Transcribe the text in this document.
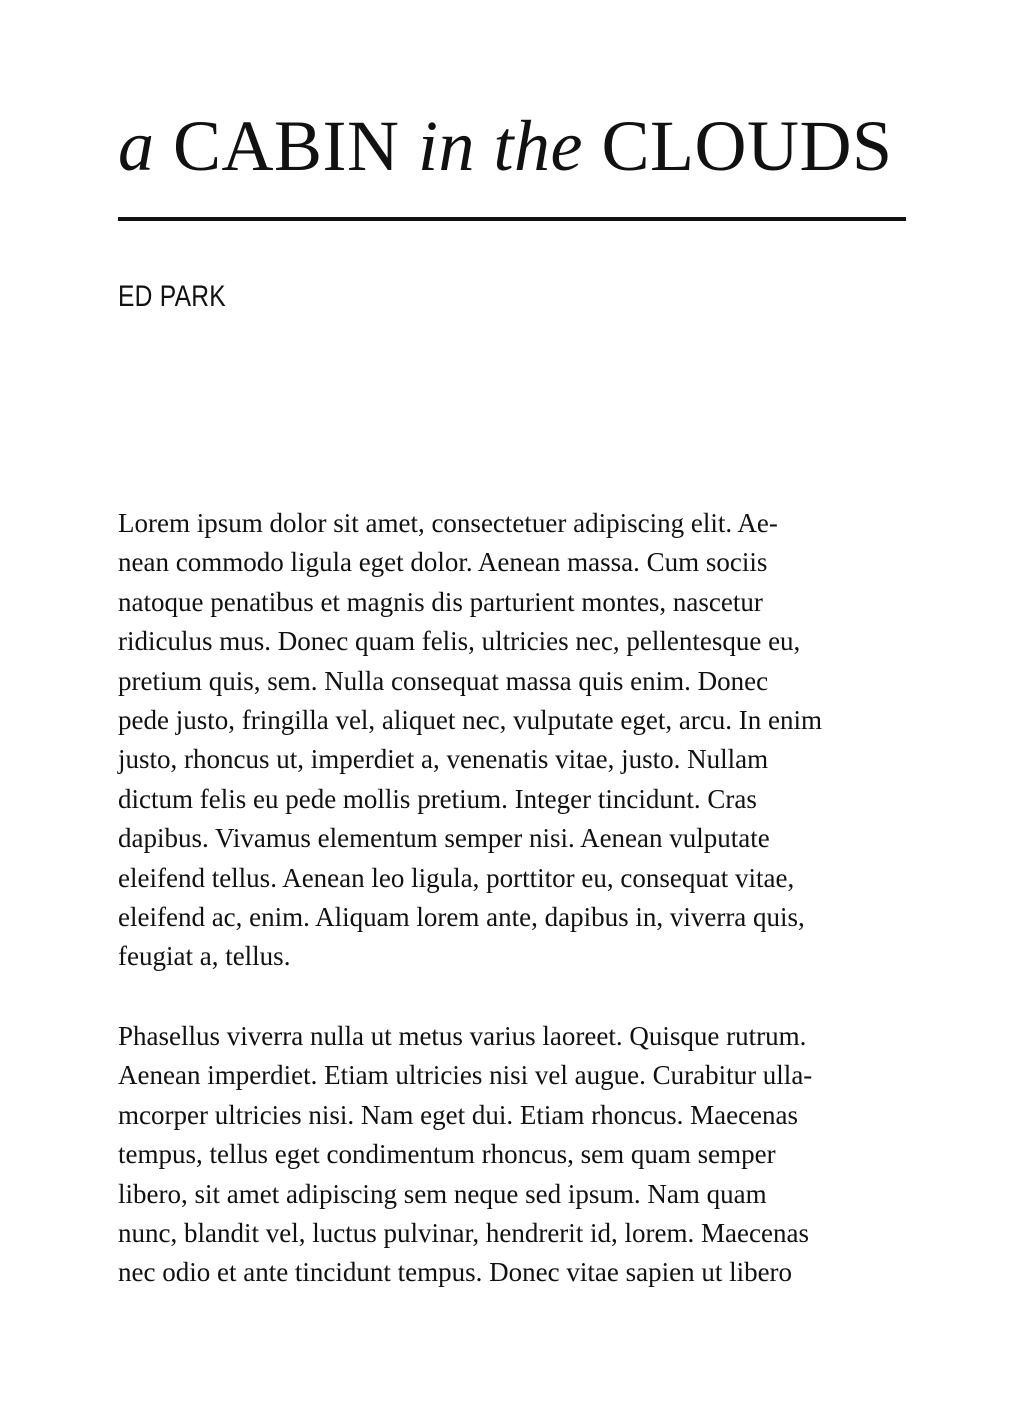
a CABIN in the CLOUDS
ED PARK

Lorem ipsum dolor sit amet, consectetuer adipiscing elit. Ae-
nean commodo ligula eget dolor. Aenean massa. Cum sociis
natoque penatibus et magnis dis parturient montes, nascetur
ridiculus mus. Donec quam felis, ultricies nec, pellentesque eu,
pretium quis, sem. Nulla consequat massa quis enim. Donec
pede justo, fringilla vel, aliquet nec, vulputate eget, arcu. In enim
justo, rhoncus ut, imperdiet a, venenatis vitae, justo. Nullam
dictum felis eu pede mollis pretium. Integer tincidunt. Cras
dapibus. Vivamus elementum semper nisi. Aenean vulputate
eleifend tellus. Aenean leo ligula, porttitor eu, consequat vitae,
eleifend ac, enim. Aliquam lorem ante, dapibus in, viverra quis,
feugiat a, tellus.

Phasellus viverra nulla ut metus varius laoreet. Quisque rutrum.
Aenean imperdiet. Etiam ultricies nisi vel augue. Curabitur ulla-
mcorper ultricies nisi. Nam eget dui. Etiam rhoncus. Maecenas
tempus, tellus eget condimentum rhoncus, sem quam semper
libero, sit amet adipiscing sem neque sed ipsum. Nam quam
nunc, blandit vel, luctus pulvinar, hendrerit id, lorem. Maecenas
nec odio et ante tincidunt tempus. Donec vitae sapien ut libero
